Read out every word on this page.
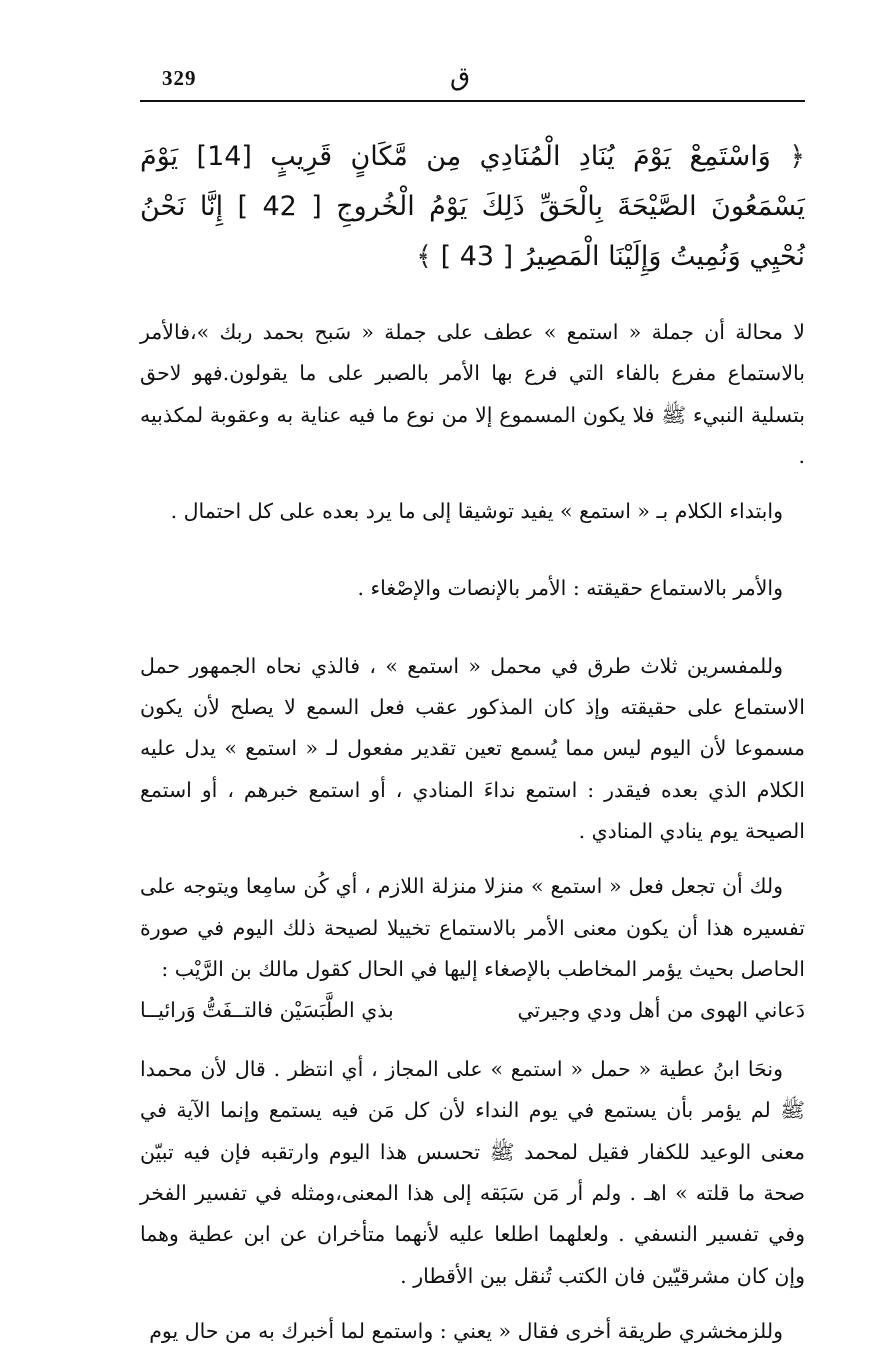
329	ق

﴿ وَاسْتَمِعْ يَوْمَ يُنَادِ الْمُنَادِي مِن مَّكَانٍ قَرِيبٍ [14] يَوْمَ يَسْمَعُونَ الصَّيْحَةَ بِالْحَقِّ ذَلِكَ يَوْمُ الْخُروجِ [ 42 ] إِنَّا نَحْنُ نُحْيِي وَنُمِيتُ وَإِلَيْنَا الْمَصِيرُ [ 43 ] ﴾

لا محالة أن جملة « استمع » عطف على جملة « سَبح بحمد ربك »،فالأمر بالاستماع مفرع بالفاء التي فرع بها الأمر بالصبر على ما يقولون.فهو لاحق بتسلية النبيء ﷺ فلا يكون المسموع إلا من نوع ما فيه عناية به وعقوبة لمكذبيه .

وابتداء الكلام بـ « استمع » يفيد توشيقا إلى ما يرد بعده على كل احتمال .

والأمر بالاستماع حقيقته : الأمر بالإنصات والإصْغاء .

وللمفسرين ثلاث طرق في محمل « استمع » ، فالذي نحاه الجمهور حمل الاستماع على حقيقته وإذ كان المذكور عقب فعل السمع لا يصلح لأن يكون مسموعا لأن اليوم ليس مما يُسمع تعين تقدير مفعول لـ « استمع » يدل عليه الكلام الذي بعده فيقدر : استمع نداءَ المنادي ، أو استمع خبرهم ، أو استمع الصيحة يوم ينادي المنادي .

ولك أن تجعل فعل « استمع » منزلا منزلة اللازم ، أي كُن سامِعا ويتوجه على تفسيره هذا أن يكون معنى الأمر بالاستماع تخييلا لصيحة ذلك اليوم في صورة الحاصل بحيث يؤمر المخاطب بالإصغاء إليها في الحال كقول مالك بن الرَّيْب :

دَعاني الهوى من أهل ودي وجيرتي
بذي الطَّبَسَيْن فالتــفَتُّ وَرائيــا

ونحَا ابنُ عطية « حمل « استمع » على المجاز ، أي انتظر . قال لأن محمدا ﷺ لم يؤمر بأن يستمع في يوم النداء لأن كل مَن فيه يستمع وإنما الآية في معنى الوعيد للكفار فقيل لمحمد ﷺ تحسس هذا اليوم وارتقبه فإن فيه تبيّن صحة ما قلته » اهـ . ولم أر مَن سَبَقه إلى هذا المعنى،ومثله في تفسير الفخر وفي تفسير النسفي . ولعلهما اطلعا عليه لأنهما متأخران عن ابن عطية وهما وإن كان مشرقيّين فان الكتب تُنقل بين الأقطار .

وللزمخشري طريقة أخرى فقال « يعني : واستمع لما أخبرك به من حال يوم
